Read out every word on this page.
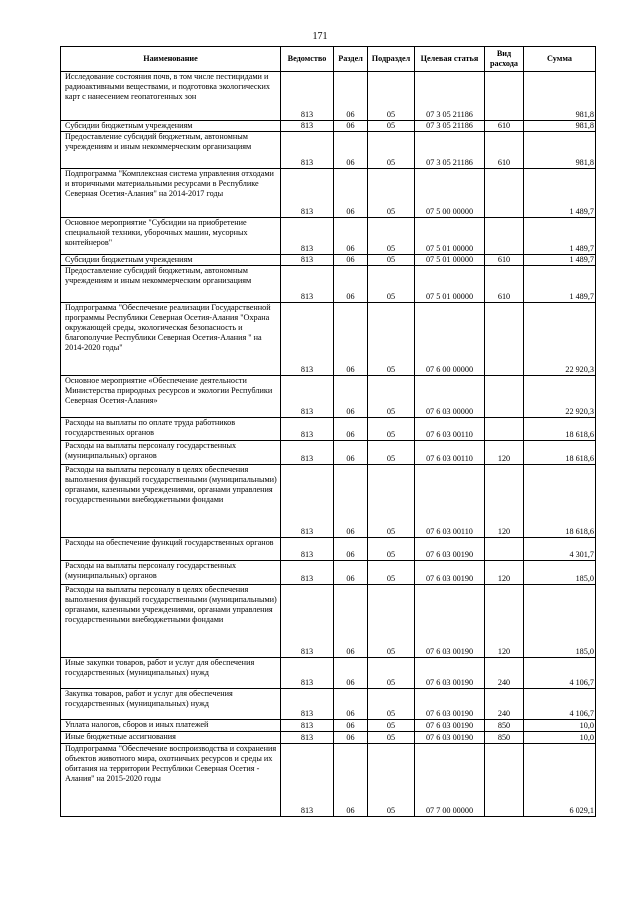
171
Наименование	Ведомство	Раздел	Подраздел	Целевая статья	Вид расхода	Сумма
Исследование состояния почв, в том числе пестицидами и радиоактивными веществами, и подготовка экологических карт с нанесением геопатогенных зон	813	06	05	07 3 05 21186		981,8
Субсидии бюджетным учреждениям	813	06	05	07 3 05 21186	610	981,8
Предоставление субсидий бюджетным, автономным учреждениям и иным некоммерческим организациям	813	06	05	07 3 05 21186	610	981,8
Подпрограмма "Комплексная система управления отходами и вторичными материальными ресурсами в Республике Северная Осетия-Алания" на 2014-2017 годы	813	06	05	07 5 00 00000		1 489,7
Основное мероприятие "Субсидии на приобретение специальной техники, уборочных машин, мусорных контейнеров"	813	06	05	07 5 01 00000		1 489,7
Субсидии бюджетным учреждениям	813	06	05	07 5 01 00000	610	1 489,7
Предоставление субсидий бюджетным, автономным учреждениям и иным некоммерческим организациям	813	06	05	07 5 01 00000	610	1 489,7
Подпрограмма "Обеспечение реализации Государственной программы Республики Северная Осетия-Алания "Охрана окружающей среды, экологическая безопасность и благополучие Республики Северная Осетия-Алания " на 2014-2020 годы"	813	06	05	07 6 00 00000		22 920,3
Основное мероприятие «Обеспечение деятельности Министерства природных ресурсов и экологии Республики Северная Осетия-Алания»	813	06	05	07 6 03 00000		22 920,3
Расходы на выплаты по оплате труда работников государственных органов	813	06	05	07 6 03 00110		18 618,6
Расходы на выплаты персоналу государственных (муниципальных) органов	813	06	05	07 6 03 00110	120	18 618,6
Расходы на выплаты персоналу в целях обеспечения выполнения функций государственными (муниципальными) органами, казенными учреждениями, органами управления государственными внебюджетными фондами	813	06	05	07 6 03 00110	120	18 618,6
Расходы на обеспечение функций государственных органов	813	06	05	07 6 03 00190		4 301,7
Расходы на выплаты персоналу государственных (муниципальных) органов	813	06	05	07 6 03 00190	120	185,0
Расходы на выплаты персоналу в целях обеспечения выполнения функций государственными (муниципальными) органами, казенными учреждениями, органами управления государственными внебюджетными фондами	813	06	05	07 6 03 00190	120	185,0
Иные закупки товаров, работ и услуг для обеспечения государственных (муниципальных) нужд	813	06	05	07 6 03 00190	240	4 106,7
Закупка товаров, работ и услуг для обеспечения государственных (муниципальных) нужд	813	06	05	07 6 03 00190	240	4 106,7
Уплата налогов, сборов и иных платежей	813	06	05	07 6 03 00190	850	10,0
Иные бюджетные ассигнования	813	06	05	07 6 03 00190	850	10,0
Подпрограмма "Обеспечение воспроизводства и сохранения объектов животного мира, охотничьих ресурсов и среды их обитания на территории Республики Северная Осетия - Алания" на 2015-2020 годы	813	06	05	07 7 00 00000		6 029,1
